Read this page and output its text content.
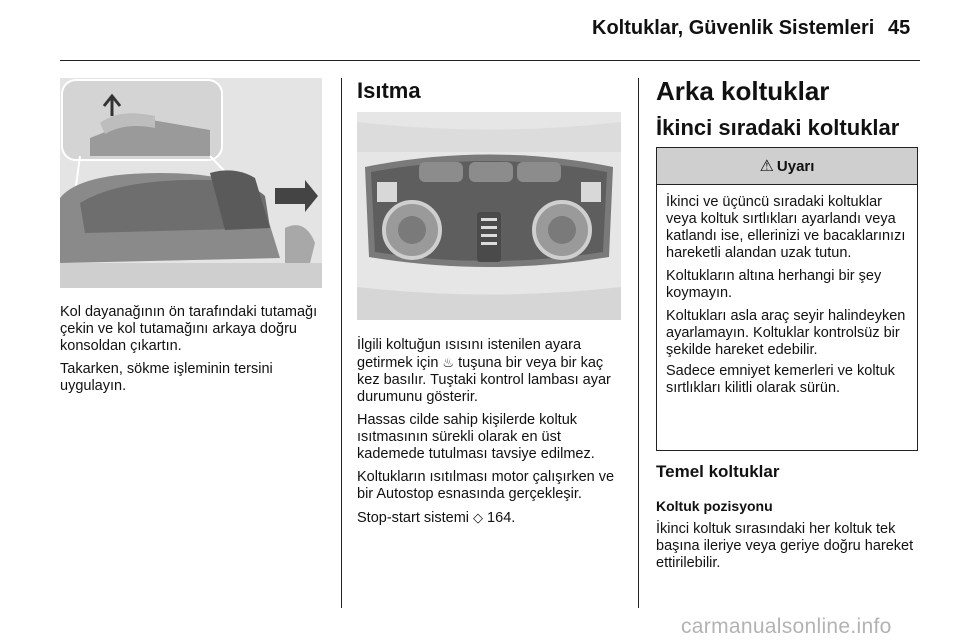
Koltuklar, Güvenlik Sistemleri 45

Kol dayanağının ön tarafındaki tutamağı çekin ve kol tutamağını arkaya doğru konsoldan çıkartın.

Takarken, sökme işleminin tersini uygulayın.

Isıtma

İlgili koltuğun ısısını istenilen ayara getirmek için ♨ tuşuna bir veya bir kaç kez basılır. Tuştaki kontrol lambası ayar durumunu gösterir.

Hassas cilde sahip kişilerde koltuk ısıtmasının sürekli olarak en üst kademede tutulması tavsiye edilmez.

Koltukların ısıtılması motor çalışırken ve bir Autostop esnasında gerçekleşir.

Stop-start sistemi ◇ 164.

Arka koltuklar
İkinci sıradaki koltuklar
⚠ Uyarı

İkinci ve üçüncü sıradaki koltuklar veya koltuk sırtlıkları ayarlandı veya katlandı ise, ellerinizi ve bacaklarınızı hareketli alandan uzak tutun.

Koltukların altına herhangi bir şey koymayın.

Koltukları asla araç seyir halindeyken ayarlamayın. Koltuklar kontrolsüz bir şekilde hareket edebilir.

Sadece emniyet kemerleri ve koltuk sırtlıkları kilitli olarak sürün.

Temel koltuklar

Koltuk pozisyonu

İkinci koltuk sırasındaki her koltuk tek başına ileriye veya geriye doğru hareket ettirilebilir.

carmanualsonline.info
